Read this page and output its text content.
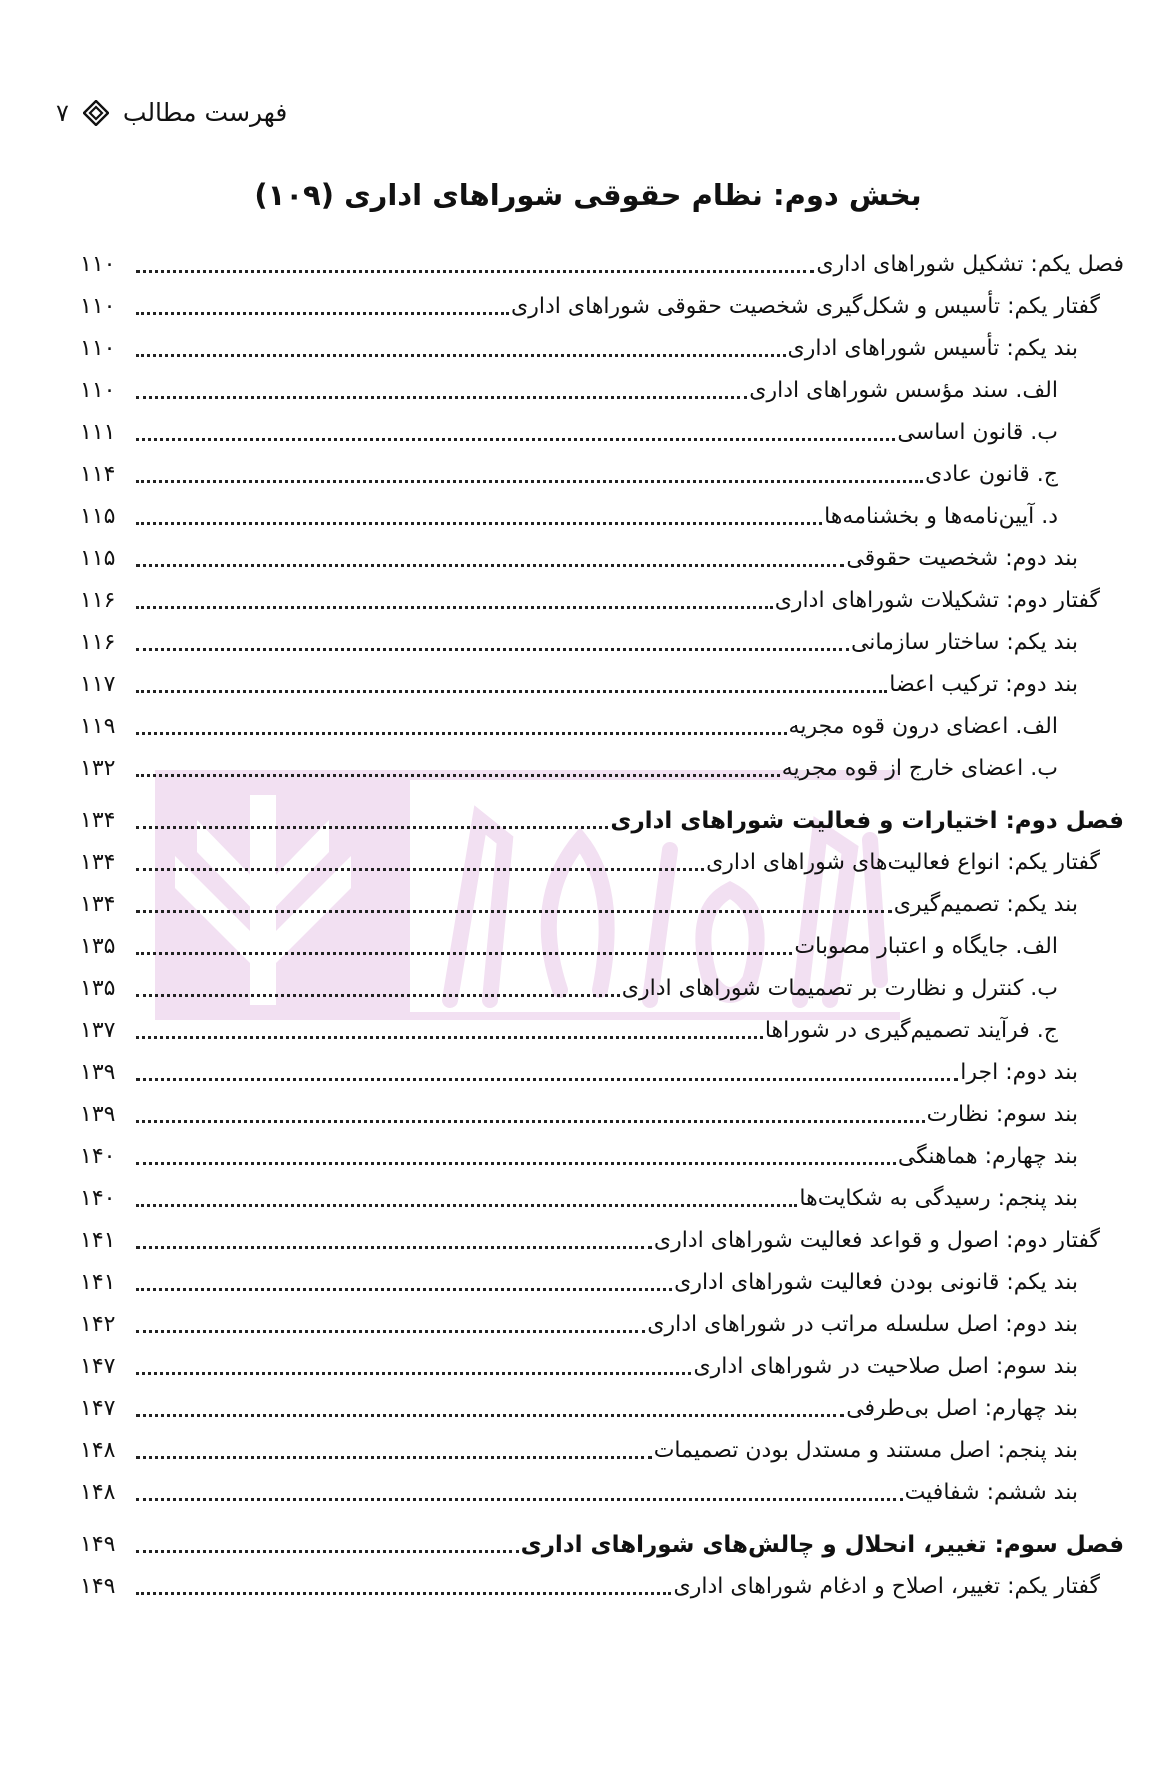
فهرست مطالب
۷
بخش دوم: نظام حقوقی شوراهای اداری (۱۰۹)
فصل یکم: تشکیل شوراهای اداری
۱۱۰
گفتار یکم: تأسیس و شکل‌گیری شخصیت حقوقی شوراهای اداری
۱۱۰
بند یکم: تأسیس شوراهای اداری
۱۱۰
الف. سند مؤسس شوراهای اداری
۱۱۰
ب. قانون اساسی
۱۱۱
ج. قانون عادی
۱۱۴
د. آیین‌نامه‌ها و بخشنامه‌ها
۱۱۵
بند دوم: شخصیت حقوقی
۱۱۵
گفتار دوم: تشکیلات شوراهای اداری
۱۱۶
بند یکم: ساختار سازمانی
۱۱۶
بند دوم: ترکیب اعضا
۱۱۷
الف. اعضای درون قوه مجریه
۱۱۹
ب. اعضای خارج از قوه مجریه
۱۳۲
فصل دوم: اختیارات و فعالیت شوراهای اداری
۱۳۴
گفتار یکم: انواع فعالیت‌های شوراهای اداری
۱۳۴
بند یکم: تصمیم‌گیری
۱۳۴
الف. جایگاه و اعتبار مصوبات
۱۳۵
ب. کنترل و نظارت بر تصمیمات شوراهای اداری
۱۳۵
ج. فرآیند تصمیم‌گیری در شوراها
۱۳۷
بند دوم: اجرا
۱۳۹
بند سوم: نظارت
۱۳۹
بند چهارم: هماهنگی
۱۴۰
بند پنجم: رسیدگی به شکایت‌ها
۱۴۰
گفتار دوم: اصول و قواعد فعالیت شوراهای اداری
۱۴۱
بند یکم: قانونی بودن فعالیت شوراهای اداری
۱۴۱
بند دوم: اصل سلسله مراتب در شوراهای اداری
۱۴۲
بند سوم: اصل صلاحیت در شوراهای اداری
۱۴۷
بند چهارم: اصل بی‌طرفی
۱۴۷
بند پنجم: اصل مستند و مستدل بودن تصمیمات
۱۴۸
بند ششم: شفافیت
۱۴۸
فصل سوم: تغییر، انحلال و چالش‌های شوراهای اداری
۱۴۹
گفتار یکم: تغییر، اصلاح و ادغام شوراهای اداری
۱۴۹
